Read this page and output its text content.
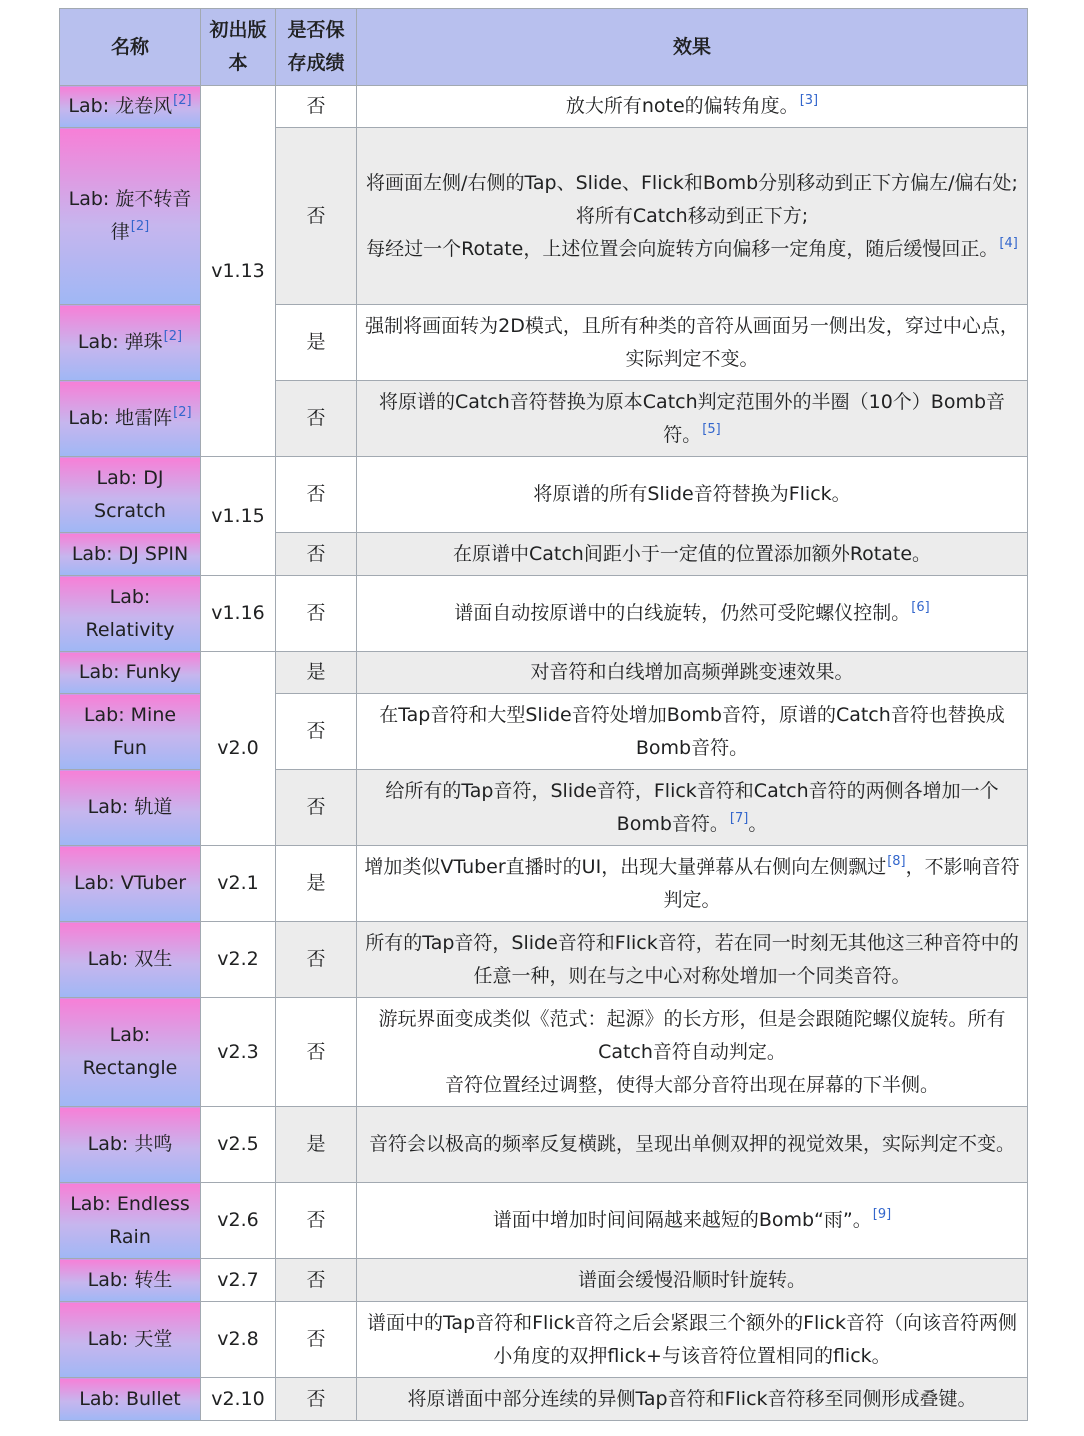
名称	初出版本	是否保存成绩	效果
Lab: 龙卷风[2]	v1.13	否	放大所有note的偏转角度。[3]
Lab: 旋不转音律[2]		否	将画面左侧/右侧的Tap、Slide、Flick和Bomb分别移动到正下方偏左/偏右处;
将所有Catch移动到正下方;
每经过一个Rotate，上述位置会向旋转方向偏移一定角度，随后缓慢回正。[4]

Lab: 弹珠[2]		是	强制将画面转为2D模式，且所有种类的音符从画面另一侧出发，穿过中心点，实际判定不变。
Lab: 地雷阵[2]		否	将原谱的Catch音符替换为原本Catch判定范围外的半圈（10个）Bomb音符。[5]
Lab: DJ Scratch	v1.15	否	将原谱的所有Slide音符替换为Flick。
Lab: DJ SPIN		否	在原谱中Catch间距小于一定值的位置添加额外Rotate。
Lab: Relativity	v1.16	否	谱面自动按原谱中的白线旋转，仍然可受陀螺仪控制。[6]
Lab: Funky	v2.0	是	对音符和白线增加高频弹跳变速效果。
Lab: Mine Fun		否	在Tap音符和大型Slide音符处增加Bomb音符，原谱的Catch音符也替换成Bomb音符。
Lab: 轨道		否	给所有的Tap音符，Slide音符，Flick音符和Catch音符的两侧各增加一个Bomb音符。[7]。
Lab: VTuber	v2.1	是	增加类似VTuber直播时的UI，出现大量弹幕从右侧向左侧飘过[8]，不影响音符判定。
Lab: 双生	v2.2	否	所有的Tap音符，Slide音符和Flick音符，若在同一时刻无其他这三种音符中的任意一种，则在与之中心对称处增加一个同类音符。
Lab: Rectangle	v2.3	否	游玩界面变成类似《范式：起源》的长方形，但是会跟随陀螺仪旋转。所有Catch音符自动判定。
音符位置经过调整，使得大部分音符出现在屏幕的下半侧。

Lab: 共鸣	v2.5	是	音符会以极高的频率反复横跳，呈现出单侧双押的视觉效果，实际判定不变。
Lab: Endless Rain	v2.6	否	谱面中增加时间间隔越来越短的Bomb“雨”。[9]
Lab: 转生	v2.7	否	谱面会缓慢沿顺时针旋转。
Lab: 天堂	v2.8	否	谱面中的Tap音符和Flick音符之后会紧跟三个额外的Flick音符（向该音符两侧小角度的双押flick+与该音符位置相同的flick。
Lab: Bullet	v2.10	否	将原谱面中部分连续的异侧Tap音符和Flick音符移至同侧形成叠键。
